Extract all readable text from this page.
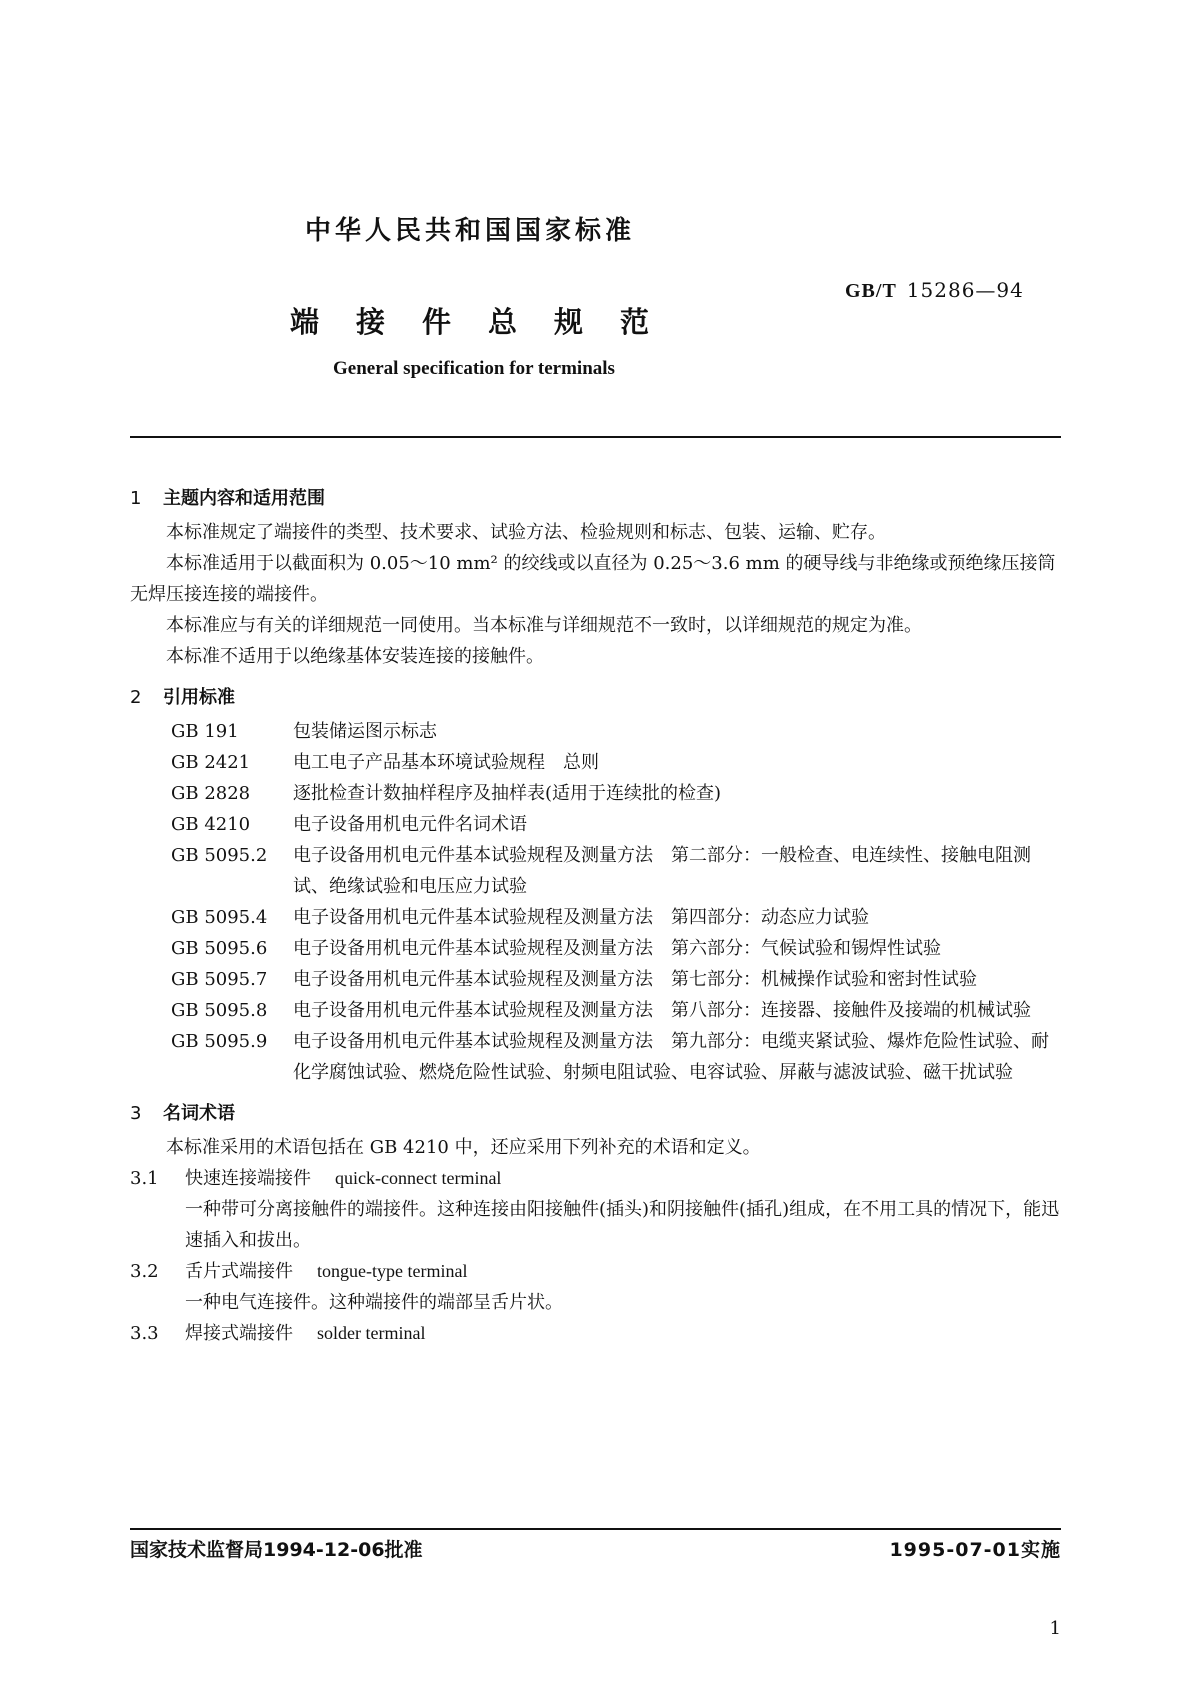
中华人民共和国国家标准
GB/T 15286—94
端接件总规范
General specification for terminals
1 主题内容和适用范围

本标准规定了端接件的类型、技术要求、试验方法、检验规则和标志、包装、运输、贮存。

本标准适用于以截面积为 0.05～10 mm² 的绞线或以直径为 0.25～3.6 mm 的硬导线与非绝缘或预绝缘压接筒无焊压接连接的端接件。

本标准应与有关的详细规范一同使用。当本标准与详细规范不一致时，以详细规范的规定为准。

本标准不适用于以绝缘基体安装连接的接触件。

2 引用标准
GB 191	包装储运图示标志
GB 2421	电工电子产品基本环境试验规程　总则
GB 2828	逐批检查计数抽样程序及抽样表(适用于连续批的检查)
GB 4210	电子设备用机电元件名词术语
GB 5095.2	电子设备用机电元件基本试验规程及测量方法　第二部分：一般检查、电连续性、接触电阻测试、绝缘试验和电压应力试验
GB 5095.4	电子设备用机电元件基本试验规程及测量方法　第四部分：动态应力试验
GB 5095.6	电子设备用机电元件基本试验规程及测量方法　第六部分：气候试验和锡焊性试验
GB 5095.7	电子设备用机电元件基本试验规程及测量方法　第七部分：机械操作试验和密封性试验
GB 5095.8	电子设备用机电元件基本试验规程及测量方法　第八部分：连接器、接触件及接端的机械试验
GB 5095.9	电子设备用机电元件基本试验规程及测量方法　第九部分：电缆夹紧试验、爆炸危险性试验、耐化学腐蚀试验、燃烧危险性试验、射频电阻试验、电容试验、屏蔽与滤波试验、磁干扰试验
3 名词术语

本标准采用的术语包括在 GB 4210 中，还应采用下列补充的术语和定义。

3.1 快速连接端接件 quick-connect terminal
一种带可分离接触件的端接件。这种连接由阳接触件(插头)和阴接触件(插孔)组成，在不用工具的情况下，能迅速插入和拔出。
3.2 舌片式端接件 tongue-type terminal
一种电气连接件。这种端接件的端部呈舌片状。
3.3 焊接式端接件 solder terminal
国家技术监督局1994-12-06批准	1995-07-01实施
1
